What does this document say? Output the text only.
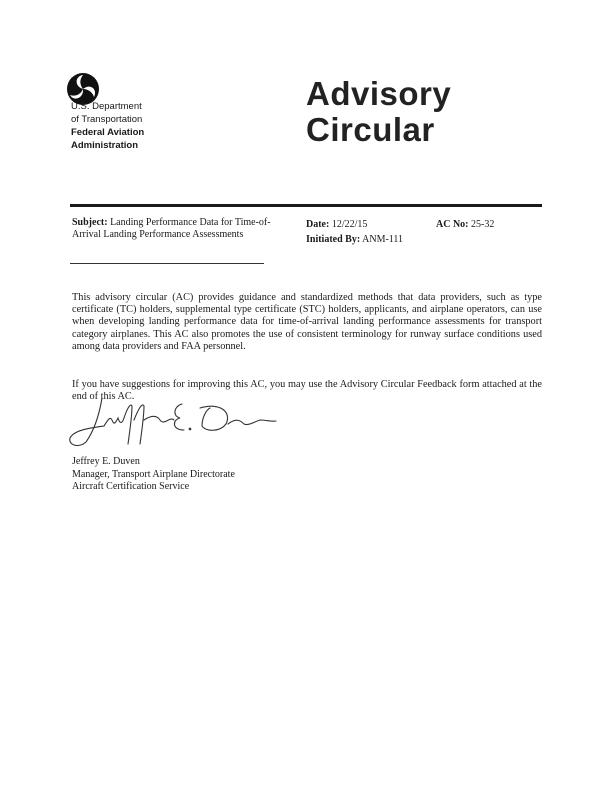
U.S. Department
of Transportation
Federal Aviation
Administration
Advisory
Circular
Subject: Landing Performance Data for Time-of-Arrival Landing Performance Assessments
Date: 12/22/15
Initiated By: ANM-111
AC No: 25-32

This advisory circular (AC) provides guidance and standardized methods that data providers, such as type certificate (TC) holders, supplemental type certificate (STC) holders, applicants, and airplane operators, can use when developing landing performance data for time-of-arrival landing performance assessments for transport category airplanes. This AC also promotes the use of consistent terminology for runway surface conditions used among data providers and FAA personnel.

If you have suggestions for improving this AC, you may use the Advisory Circular Feedback form attached at the end of this AC.

Jeffrey E. Duven
Manager, Transport Airplane Directorate
Aircraft Certification Service
